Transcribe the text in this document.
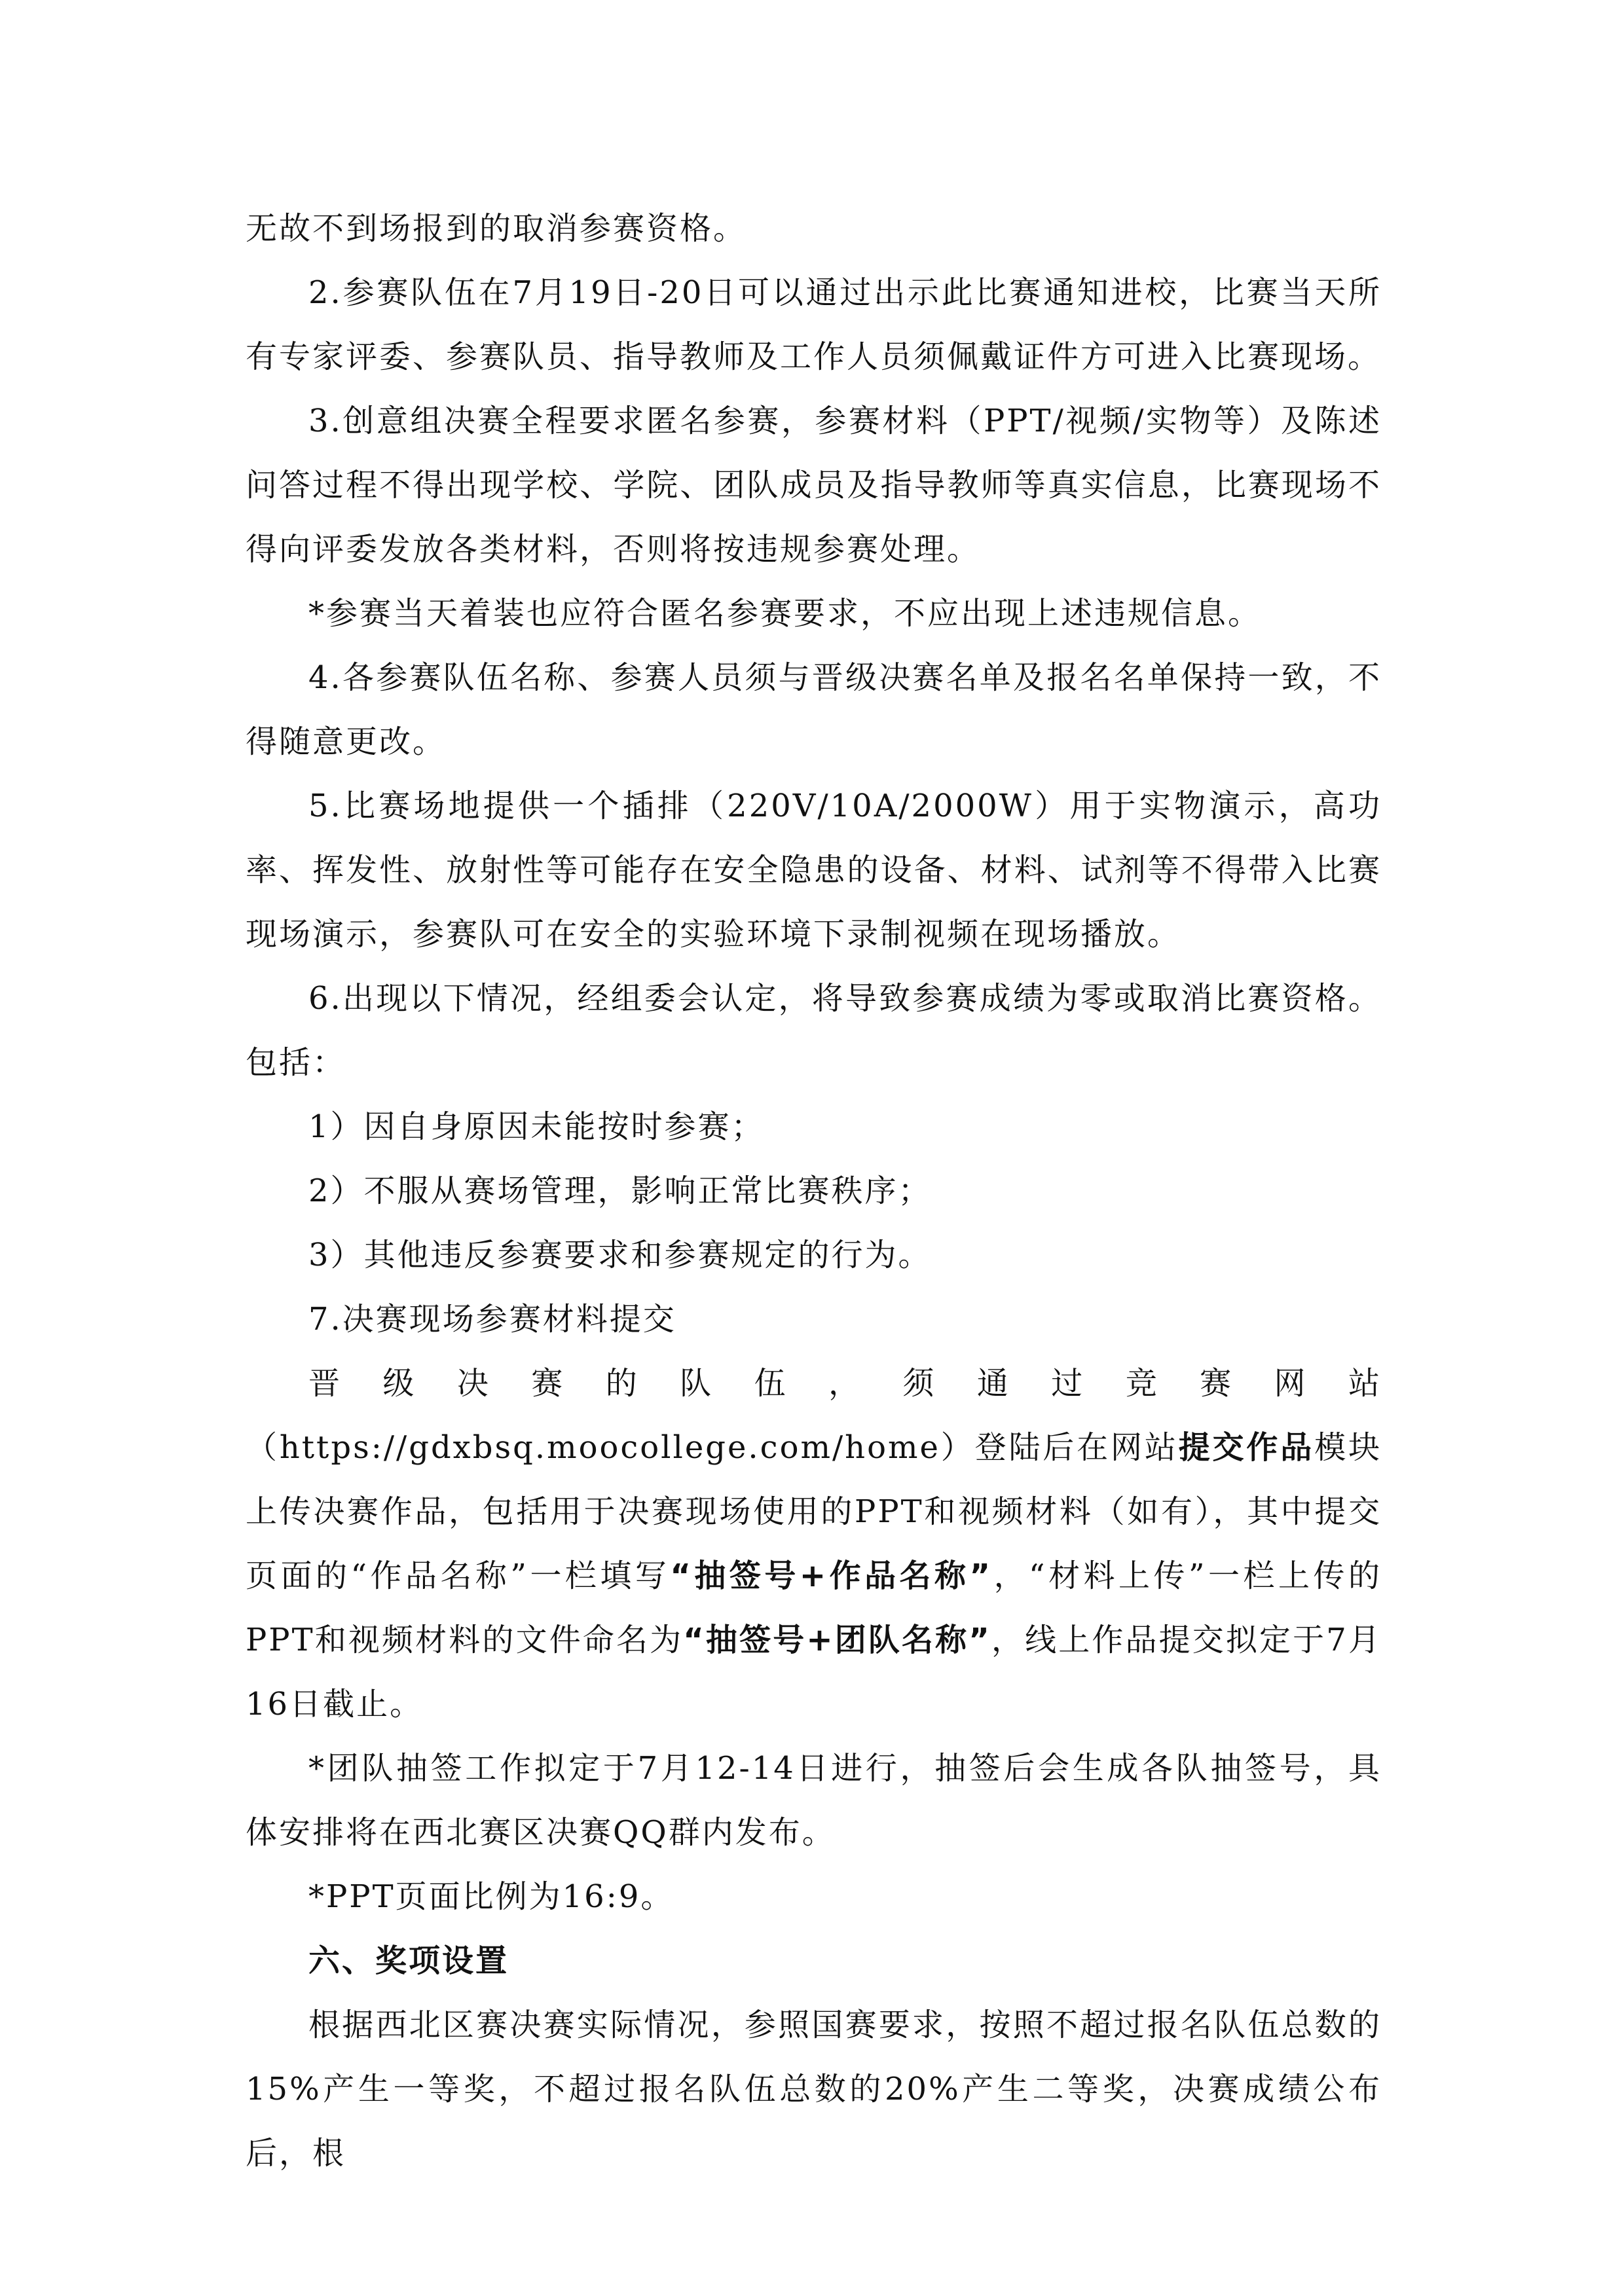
无故不到场报到的取消参赛资格。

2.参赛队伍在7月19日-20日可以通过出示此比赛通知进校，比赛当天所有专家评委、参赛队员、指导教师及工作人员须佩戴证件方可进入比赛现场。

3.创意组决赛全程要求匿名参赛，参赛材料（PPT/视频/实物等）及陈述问答过程不得出现学校、学院、团队成员及指导教师等真实信息，比赛现场不得向评委发放各类材料，否则将按违规参赛处理。

*参赛当天着装也应符合匿名参赛要求，不应出现上述违规信息。

4.各参赛队伍名称、参赛人员须与晋级决赛名单及报名名单保持一致，不得随意更改。

5.比赛场地提供一个插排（220V/10A/2000W）用于实物演示，高功率、挥发性、放射性等可能存在安全隐患的设备、材料、试剂等不得带入比赛现场演示，参赛队可在安全的实验环境下录制视频在现场播放。

6.出现以下情况，经组委会认定，将导致参赛成绩为零或取消比赛资格。包括：

1）因自身原因未能按时参赛；

2）不服从赛场管理，影响正常比赛秩序；

3）其他违反参赛要求和参赛规定的行为。

7.决赛现场参赛材料提交

晋级决赛的队伍，须通过竞赛网站（https://gdxbsq.moocollege.com/home）登陆后在网站提交作品模块上传决赛作品，包括用于决赛现场使用的PPT和视频材料（如有），其中提交页面的“作品名称”一栏填写“抽签号+作品名称”，“材料上传”一栏上传的PPT和视频材料的文件命名为“抽签号+团队名称”，线上作品提交拟定于7月16日截止。

*团队抽签工作拟定于7月12-14日进行，抽签后会生成各队抽签号，具体安排将在西北赛区决赛QQ群内发布。

*PPT页面比例为16:9。

六、奖项设置

根据西北区赛决赛实际情况，参照国赛要求，按照不超过报名队伍总数的15%产生一等奖，不超过报名队伍总数的20%产生二等奖，决赛成绩公布后，根
